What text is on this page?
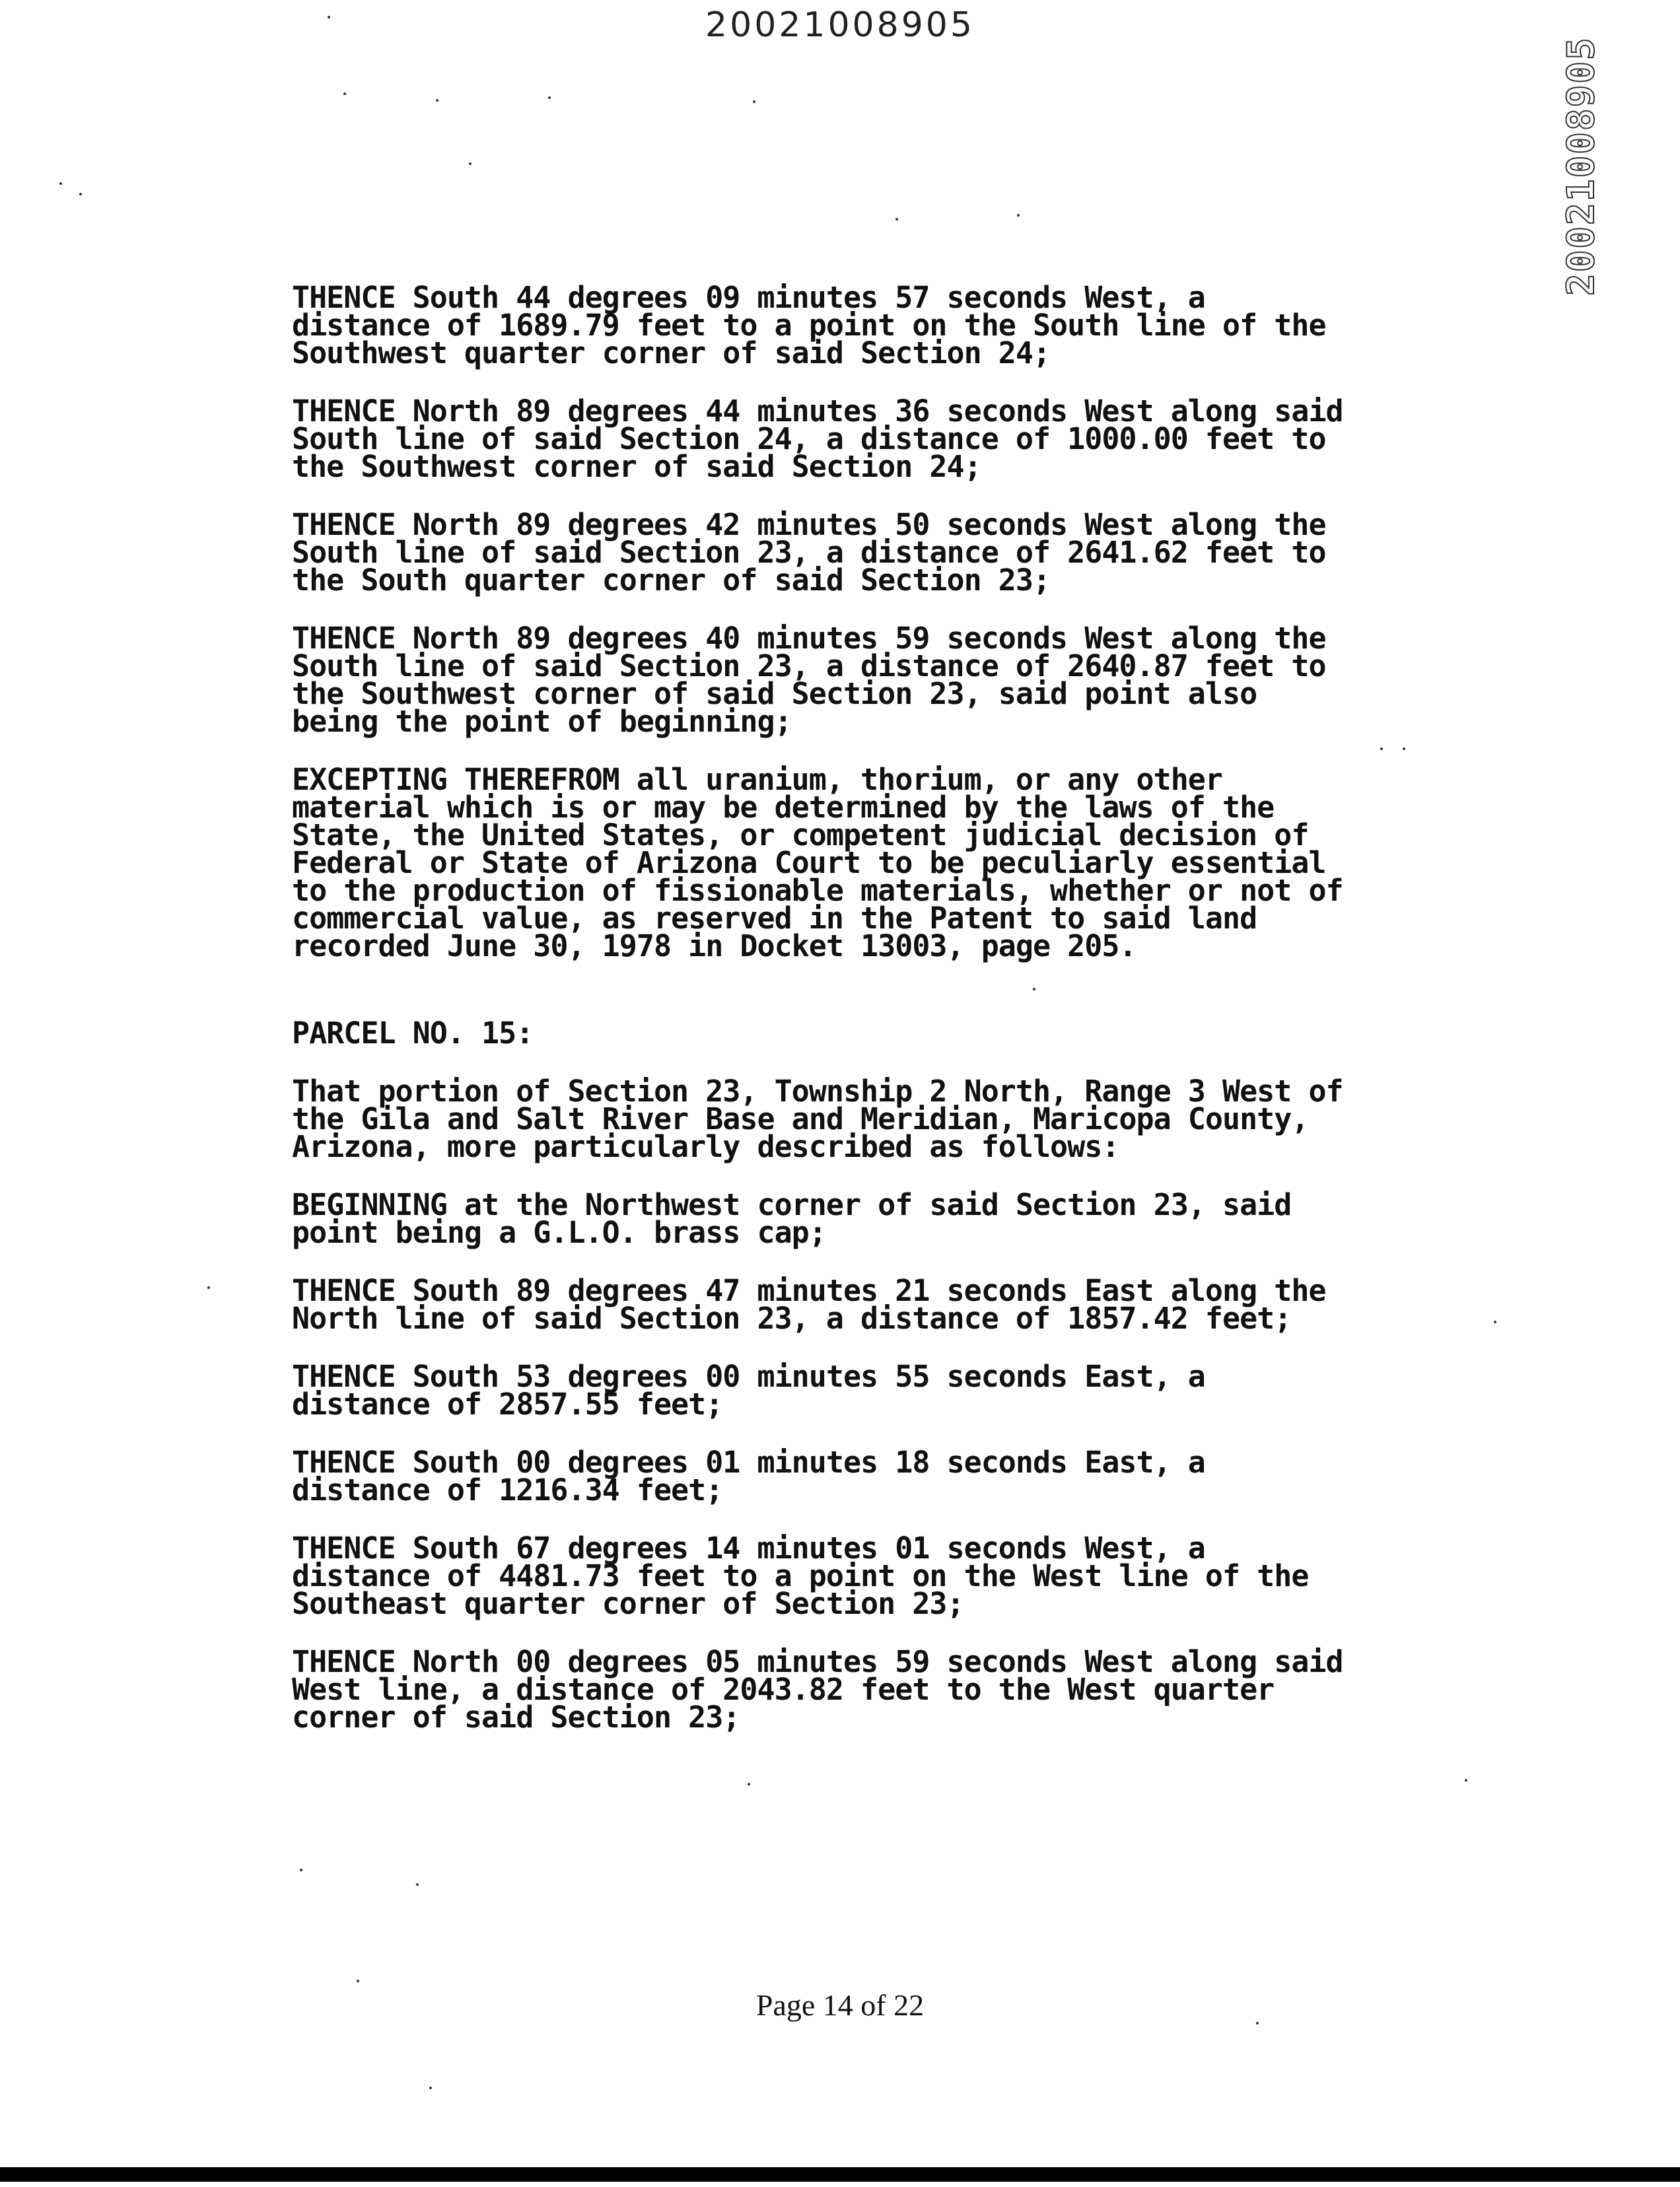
20021008905
20021008905

THENCE South 44 degrees 09 minutes 57 seconds West, a
distance of 1689.79 feet to a point on the South line of the
Southwest quarter corner of said Section 24;

THENCE North 89 degrees 44 minutes 36 seconds West along said
South line of said Section 24, a distance of 1000.00 feet to
the Southwest corner of said Section 24;

THENCE North 89 degrees 42 minutes 50 seconds West along the
South line of said Section 23, a distance of 2641.62 feet to
the South quarter corner of said Section 23;

THENCE North 89 degrees 40 minutes 59 seconds West along the
South line of said Section 23, a distance of 2640.87 feet to
the Southwest corner of said Section 23, said point also
being the point of beginning;

EXCEPTING THEREFROM all uranium, thorium, or any other
material which is or may be determined by the laws of the
State, the United States, or competent judicial decision of
Federal or State of Arizona Court to be peculiarly essential
to the production of fissionable materials, whether or not of
commercial value, as reserved in the Patent to said land
recorded June 30, 1978 in Docket 13003, page 205.

PARCEL NO. 15:

That portion of Section 23, Township 2 North, Range 3 West of
the Gila and Salt River Base and Meridian, Maricopa County,
Arizona, more particularly described as follows:

BEGINNING at the Northwest corner of said Section 23, said
point being a G.L.O. brass cap;

THENCE South 89 degrees 47 minutes 21 seconds East along the
North line of said Section 23, a distance of 1857.42 feet;

THENCE South 53 degrees 00 minutes 55 seconds East, a
distance of 2857.55 feet;

THENCE South 00 degrees 01 minutes 18 seconds East, a
distance of 1216.34 feet;

THENCE South 67 degrees 14 minutes 01 seconds West, a
distance of 4481.73 feet to a point on the West line of the
Southeast quarter corner of Section 23;

THENCE North 00 degrees 05 minutes 59 seconds West along said
West line, a distance of 2043.82 feet to the West quarter
corner of said Section 23;

Page 14 of 22
